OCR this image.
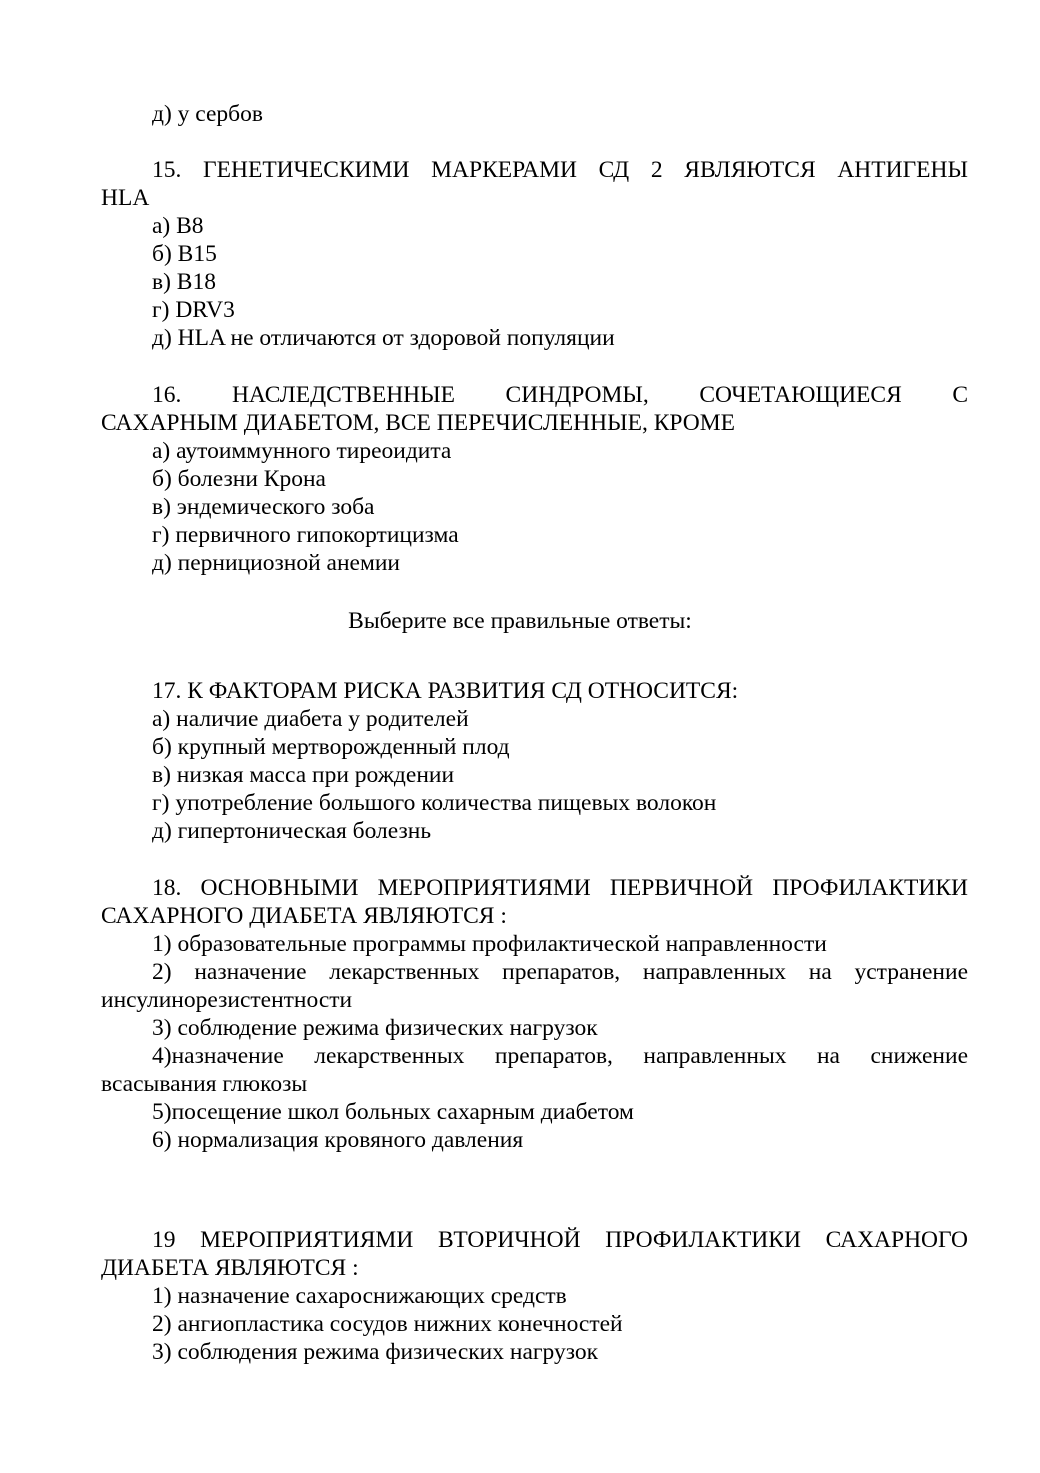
д) у сербов
15. ГЕНЕТИЧЕСКИМИ МАРКЕРАМИ СД 2 ЯВЛЯЮТСЯ АНТИГЕНЫ
HLA
а) В8
б) В15
в) В18
г) DRV3
д) HLA не отличаются от здоровой популяции
16. НАСЛЕДСТВЕННЫЕ СИНДРОМЫ, СОЧЕТАЮЩИЕСЯ С
САХАРНЫМ ДИАБЕТОМ, ВСЕ ПЕРЕЧИСЛЕННЫЕ, КРОМЕ
а) аутоиммунного тиреоидита
б) болезни Крона
в) эндемического зоба
г) первичного гипокортицизма
д) пернициозной анемии
Выберите все правильные ответы:
17. К ФАКТОРАМ РИСКА РАЗВИТИЯ СД ОТНОСИТСЯ:
а) наличие диабета у родителей
б) крупный мертворожденный плод
в) низкая масса при рождении
г) употребление большого количества пищевых волокон
д) гипертоническая болезнь
18. ОСНОВНЫМИ МЕРОПРИЯТИЯМИ ПЕРВИЧНОЙ ПРОФИЛАКТИКИ
САХАРНОГО ДИАБЕТА ЯВЛЯЮТСЯ :
1) образовательные программы профилактической направленности
2) назначение лекарственных препаратов, направленных на устранение
инсулинорезистентности
3) соблюдение режима физических нагрузок
4)назначение лекарственных препаратов, направленных на снижение
всасывания глюкозы
5)посещение школ больных сахарным диабетом
6) нормализация кровяного давления
19 МЕРОПРИЯТИЯМИ ВТОРИЧНОЙ ПРОФИЛАКТИКИ САХАРНОГО
ДИАБЕТА ЯВЛЯЮТСЯ :
1) назначение сахароснижающих средств
2) ангиопластика сосудов нижних конечностей
3) соблюдения режима физических нагрузок
